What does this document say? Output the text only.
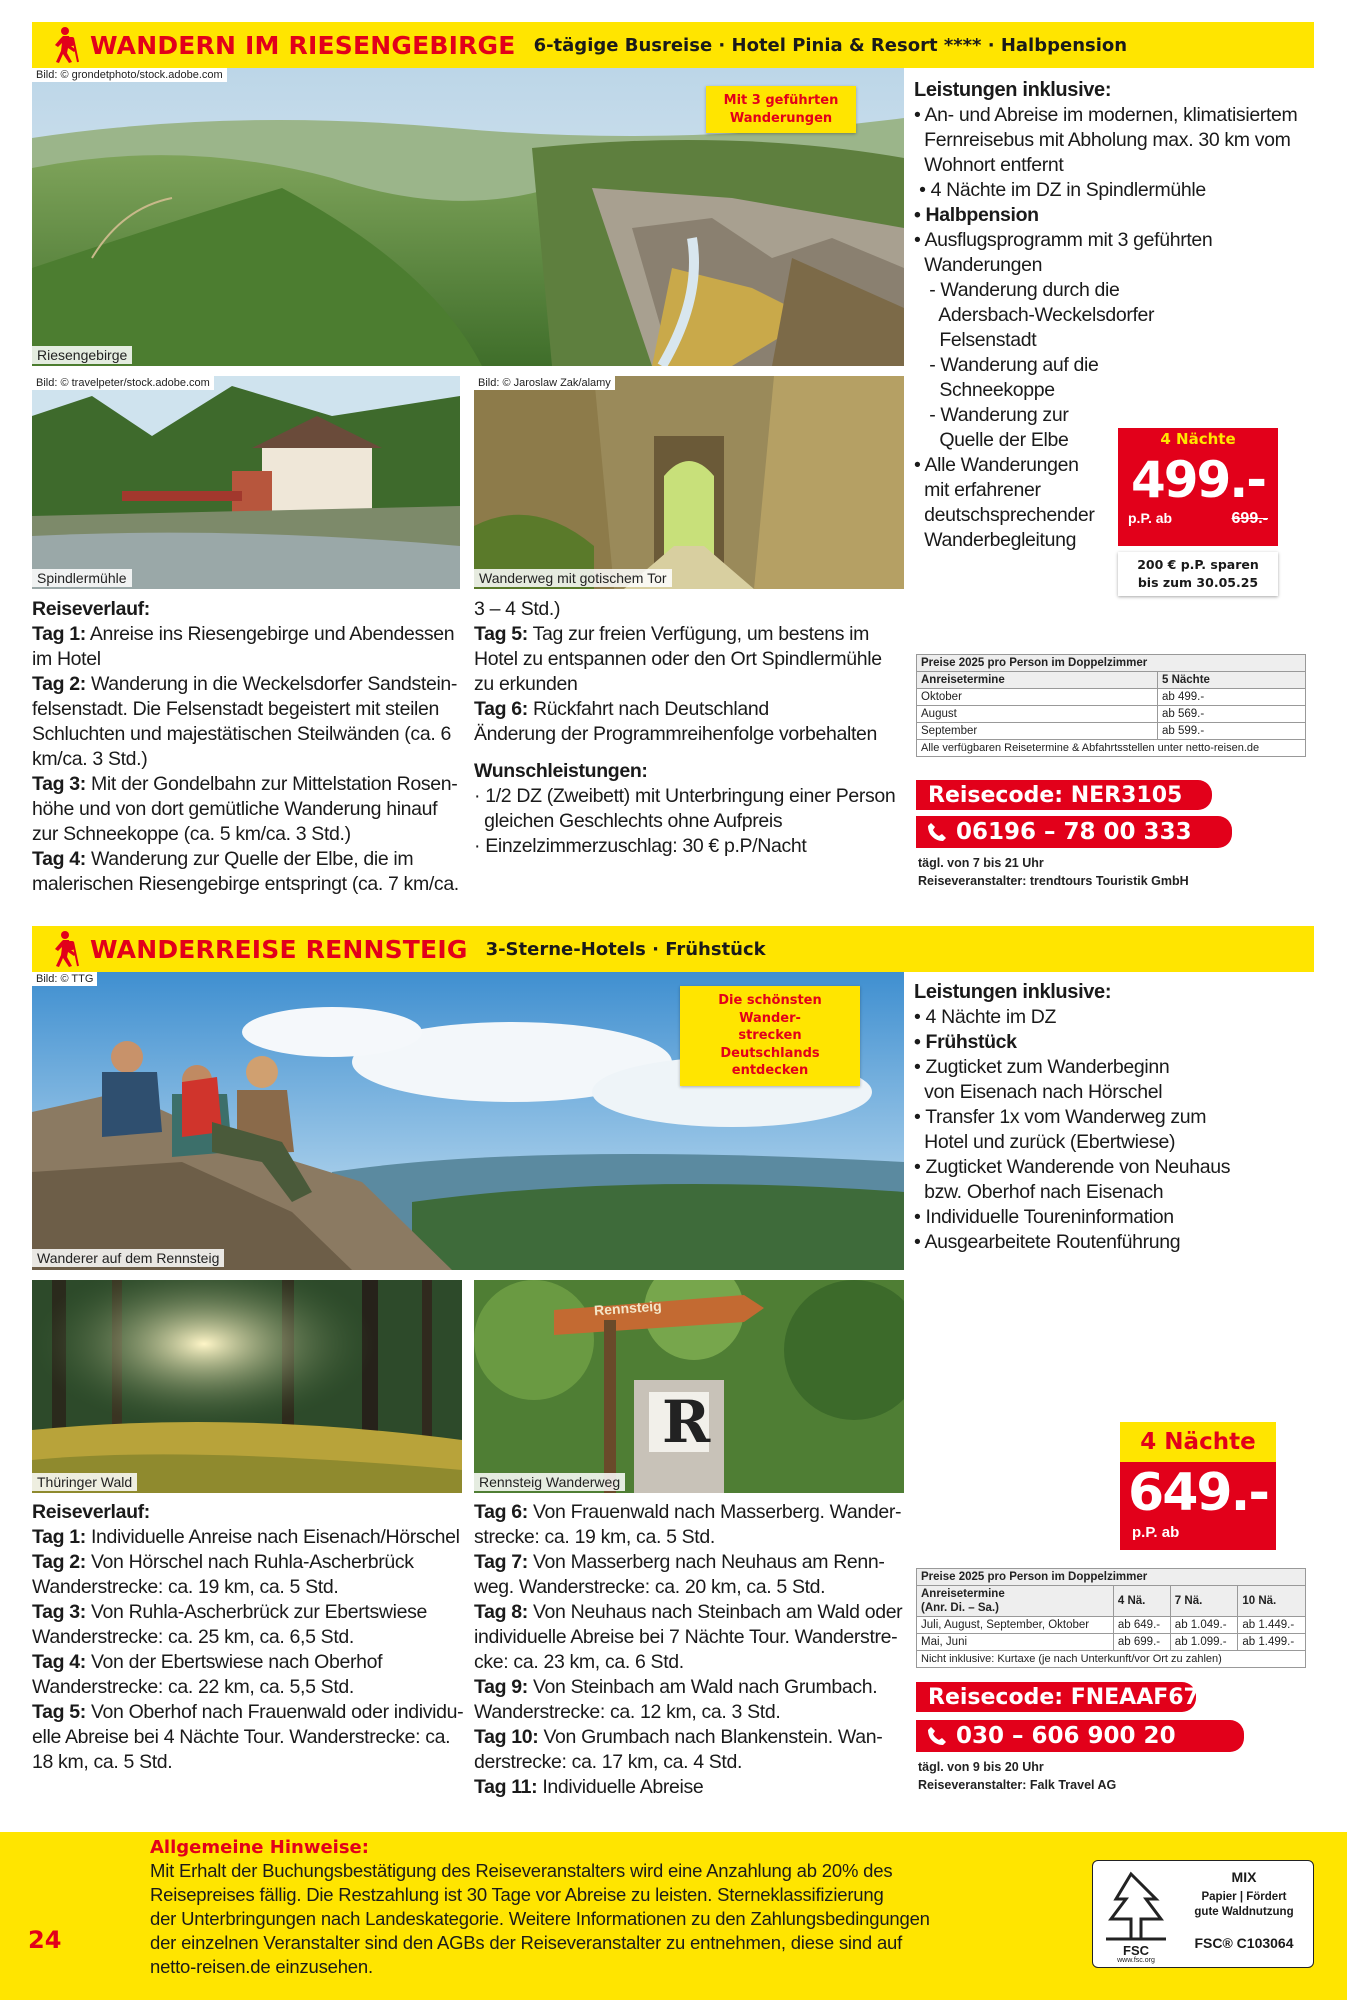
WANDERN IM RIESENGEBIRGE 6-tägige Busreise · Hotel Pinia & Resort **** · Halbpension
Bild: © grondetphoto/stock.adobe.com
Riesengebirge
Mit 3 geführten
Wanderungen
Bild: © travelpeter/stock.adobe.com
Spindlermühle
Bild: © Jaroslaw Zak/alamy
Wanderweg mit gotischem Tor
Leistungen inklusive:
• An- und Abreise im modernen, klimatisiertem
Fernreisebus mit Abholung max. 30 km vom
Wohnort entfernt
• 4 Nächte im DZ in Spindlermühle
• Halbpension
• Ausflugsprogramm mit 3 geführten
Wanderungen
- Wanderung durch die
Adersbach-Weckelsdorfer
Felsenstadt
- Wanderung auf die
Schneekoppe
- Wanderung zur
Quelle der Elbe
• Alle Wanderungen
mit erfahrener
deutschsprechender
Wanderbegleitung
4 Nächte
499.-
p.P. ab	699.-
200 € p.P. sparen
bis zum 30.05.25
Preise 2025 pro Person im Doppelzimmer	
Anreisetermine	5 Nächte
Oktober	ab 499.-
August	ab 569.-
September	ab 599.-
Alle verfügbaren Reisetermine & Abfahrtsstellen unter netto-reisen.de	
Reisecode: NER3105
06196 – 78 00 333
tägl. von 7 bis 21 Uhr
Reiseveranstalter: trendtours Touristik GmbH
Reiseverlauf:
Tag 1: Anreise ins Riesengebirge und Abendessen
im Hotel
Tag 2: Wanderung in die Weckelsdorfer Sandstein-
felsenstadt. Die Felsenstadt begeistert mit steilen
Schluchten und majestätischen Steilwänden (ca. 6
km/ca. 3 Std.)
Tag 3: Mit der Gondelbahn zur Mittelstation Rosen-
höhe und von dort gemütliche Wanderung hinauf
zur Schneekoppe (ca. 5 km/ca. 3 Std.)
Tag 4: Wanderung zur Quelle der Elbe, die im
malerischen Riesengebirge entspringt (ca. 7 km/ca.
3 – 4 Std.)
Tag 5: Tag zur freien Verfügung, um bestens im
Hotel zu entspannen oder den Ort Spindlermühle
zu erkunden
Tag 6: Rückfahrt nach Deutschland
Änderung der Programmreihenfolge vorbehalten
Wunschleistungen:
· 1/2 DZ (Zweibett) mit Unterbringung einer Person
gleichen Geschlechts ohne Aufpreis
· Einzelzimmerzuschlag: 30 € p.P/Nacht
WANDERREISE RENNSTEIG 3-Sterne-Hotels · Frühstück
Bild: © TTG
Wanderer auf dem Rennsteig
Die schönsten Wander-
strecken Deutschlands
entdecken
Thüringer Wald
Rennsteig
R
Rennsteig Wanderweg
Leistungen inklusive:
• 4 Nächte im DZ
• Frühstück
• Zugticket zum Wanderbeginn
von Eisenach nach Hörschel
• Transfer 1x vom Wanderweg zum
Hotel und zurück (Ebertwiese)
• Zugticket Wanderende von Neuhaus
bzw. Oberhof nach Eisenach
• Individuelle Toureninformation
• Ausgearbeitete Routenführung
4 Nächte
649.-
p.P. ab
Preise 2025 pro Person im Doppelzimmer			

Anreisetermine
(Anr. Di. – Sa.)	4 Nä.	7 Nä.	10 Nä.
Juli, August, September, Oktober	ab 649.-	ab 1.049.-	ab 1.449.-
Mai, Juni	ab 699.-	ab 1.099.-	ab 1.499.-
Nicht inklusive: Kurtaxe (je nach Unterkunft/vor Ort zu zahlen)			
Reisecode: FNEAAF67
030 – 606 900 20
tägl. von 9 bis 20 Uhr
Reiseveranstalter: Falk Travel AG
Reiseverlauf:
Tag 1: Individuelle Anreise nach Eisenach/Hörschel
Tag 2: Von Hörschel nach Ruhla-Ascherbrück
Wanderstrecke: ca. 19 km, ca. 5 Std.
Tag 3: Von Ruhla-Ascherbrück zur Ebertswiese
Wanderstrecke: ca. 25 km, ca. 6,5 Std.
Tag 4: Von der Ebertswiese nach Oberhof
Wanderstrecke: ca. 22 km, ca. 5,5 Std.
Tag 5: Von Oberhof nach Frauenwald oder individu-
elle Abreise bei 4 Nächte Tour. Wanderstrecke: ca.
18 km, ca. 5 Std.
Tag 6: Von Frauenwald nach Masserberg. Wander-
strecke: ca. 19 km, ca. 5 Std.
Tag 7: Von Masserberg nach Neuhaus am Renn-
weg. Wanderstrecke: ca. 20 km, ca. 5 Std.
Tag 8: Von Neuhaus nach Steinbach am Wald oder
individuelle Abreise bei 7 Nächte Tour. Wanderstre-
cke: ca. 23 km, ca. 6 Std.
Tag 9: Von Steinbach am Wald nach Grumbach.
Wanderstrecke: ca. 12 km, ca. 3 Std.
Tag 10: Von Grumbach nach Blankenstein. Wan-
derstrecke: ca. 17 km, ca. 4 Std.
Tag 11: Individuelle Abreise
24
Allgemeine Hinweise:
Mit Erhalt der Buchungsbestätigung des Reiseveranstalters wird eine Anzahlung ab 20% des
Reisepreises fällig. Die Restzahlung ist 30 Tage vor Abreise zu leisten. Sterneklassifizierung
der Unterbringungen nach Landeskategorie. Weitere Informationen zu den Zahlungsbedingungen
der einzelnen Veranstalter sind den AGBs der Reiseveranstalter zu entnehmen, diese sind auf
netto-reisen.de einzusehen.
FSC
www.fsc.org
MIX
Papier | Fördert
gute Waldnutzung
FSC® C103064
